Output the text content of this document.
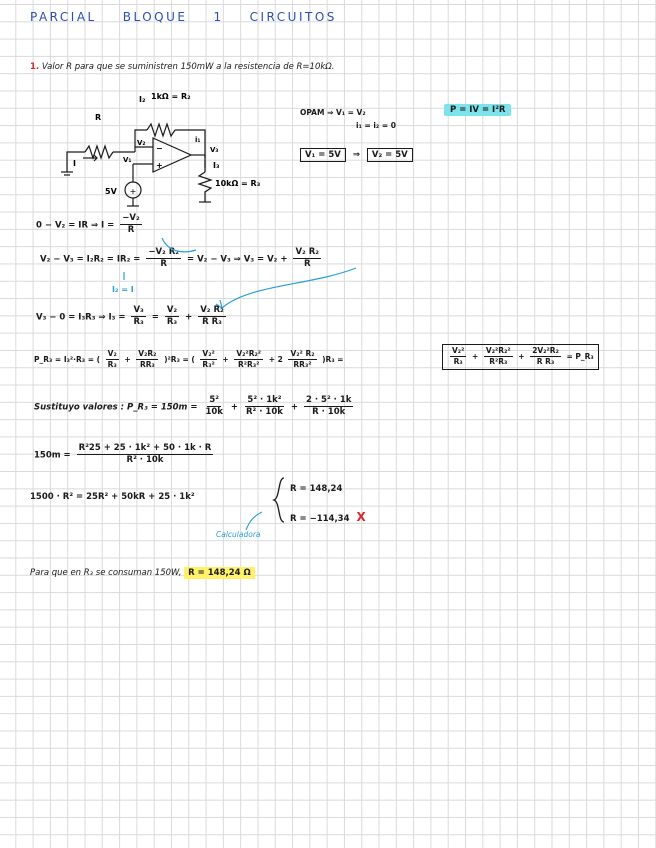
PARCIAL BLOQUE 1 CIRCUITOS
1. Valor R para que se suministren 150mW a la resistencia de R=10kΩ.
+
R
I
I₂ 1kΩ = R₂
V₂
V₁
−
+
i₁
V₃
I₃
10kΩ = R₃
5V
OPAM ⇒ V₁ = V₂
i₁ = i₂ = 0
P = IV = I²R
V₁ = 5V ⇒ V₂ = 5V
0 − V₂ = IR ⇒ $I = \frac{\text{−V₂}}{R}$
$V_2 - V_3 = I_2R_2 = IR_2 = \frac{\text{−V₂ R₂}}{R} = V_2 - V_3$ ⇒ $V_3 = V_2 + \frac{\text{V₂ R₂}}{R}$
I₂ = I
V₃ − 0 = I₃R₃ ⇒ $I_3 = \frac{\text{V₃}}{\text{R₃}} = \frac{\text{V₂}}{\text{R₃}} + \frac{\text{V₂ R₂}}{\text{R R₃}}$
P_R₃ = I₃²·R₃ = ( $\frac{\text{V₂}}{\text{R₃}} + \frac{\text{V₂R₂}}{\text{RR₃}} )^2R_3$ = ( $\frac{\text{V₂²}}{\text{R₃²}} + \frac{\text{V₂²R₂²}}{\text{R²R₃²}} + 2 \frac{\text{V₂² R₂}}{\text{RR₃²}} )R_3$ =	$\frac{\text{V₂²}}{\text{R₃}} + \frac{\text{V₂²R₂²}}{\text{R²R₃}} + \frac{\text{2V₂²R₂}}{\text{R R₃}}$ = P_R₃
Sustituyo valores : P_R₃ = $150m = \frac{\text{5²}}{10k} + \frac{\text{5² · 1k²}}{\text{R² · 10k}} + \frac{\text{2 · 5² · 1k}}{R \cdot 10k}$
$150m = \frac{\text{R²25 + 25 · 1k² + 50 · 1k · R}}{\text{R² · 10k}}$
1500 · R² = 25R² + 50kR + 25 · 1k²
R = 148,24
R = −114,34 X
Calculadora
Para que en R₃ se consuman 150W, R = 148,24 Ω
